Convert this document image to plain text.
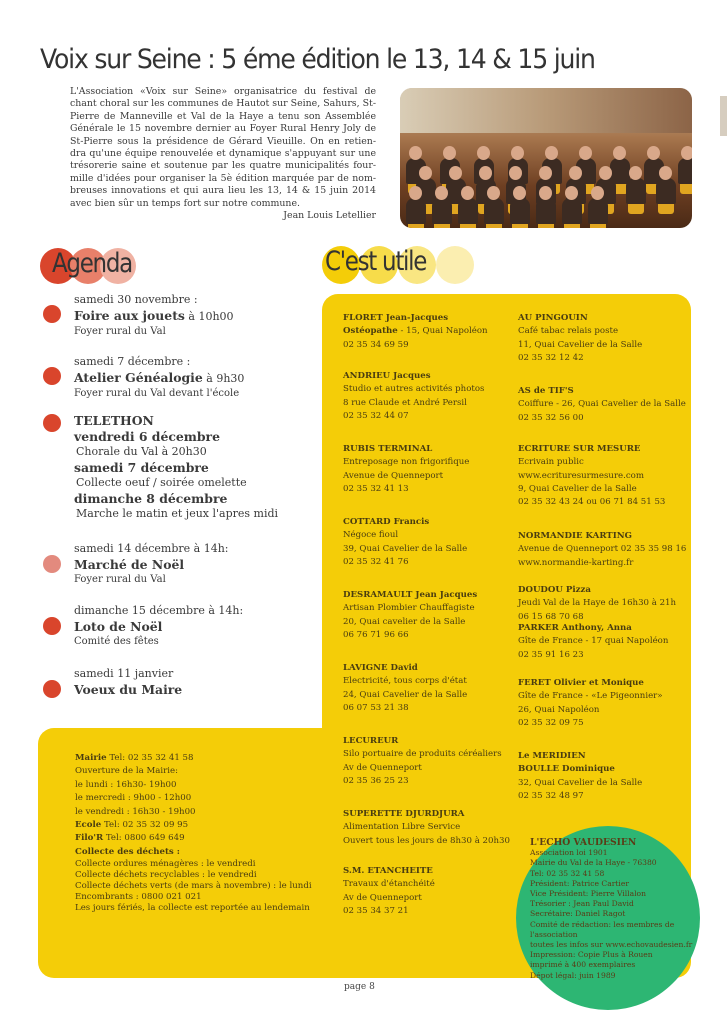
Voix sur Seine : 5 éme édition le 13, 14 & 15 juin

L'Association «Voix sur Seine» organisatrice du festival de chant choral sur les communes de Hautot sur Seine, Sahurs, St-Pierre de Manneville et Val de la Haye a tenu son Assemblée Générale le 15 novembre dernier au Foyer Rural Henry Joly de St-Pierre sous la présidence de Gérard Vieuille. On en retien- dra qu'une équipe renouvelée et dynamique s'appuyant sur une trésorerie saine et soutenue par les quatre municipalités four- mille d'idées pour organiser la 5è édition marquée par de nom- breuses innovations et qui aura lieu les 13, 14 & 15 juin 2014 avec bien sûr un temps fort sur notre commune.

Jean Louis Letellier

Agenda	C'est utile
samedi 30 novembre :
Foire aux jouets à 10h00
Foyer rural du Val
samedi 7 décembre :
Atelier Généalogie à 9h30
Foyer rural du Val devant l'école
TELETHON
vendredi 6 décembre
Chorale du Val à 20h30
samedi 7 décembre
Collecte oeuf / soirée omelette
dimanche 8 décembre
Marche le matin et jeux l'apres midi
samedi 14 décembre à 14h:
Marché de Noël
Foyer rural du Val
dimanche 15 décembre à 14h:
Loto de Noël
Comité des fêtes
samedi 11 janvier
Voeux du Maire
FLORET Jean-Jacques
Ostéopathe - 15, Quai Napoléon
02 35 34 69 59
ANDRIEU Jacques
Studio et autres activités photos
8 rue Claude et André Persil
02 35 32 44 07
RUBIS TERMINAL
Entreposage non frigorifique
Avenue de Quenneport
02 35 32 41 13
COTTARD Francis
Négoce fioul
39, Quai Cavelier de la Salle
02 35 32 41 76
DESRAMAULT Jean Jacques
Artisan Plombier Chauffagiste
20, Quai cavelier de la Salle
06 76 71 96 66
LAVIGNE David
Electricité, tous corps d'état
24, Quai Cavelier de la Salle
06 07 53 21 38
LECUREUR
Silo portuaire de produits céréaliers
Av de Quenneport
02 35 36 25 23
SUPERETTE DJURDJURA
Alimentation Libre Service
Ouvert tous les jours de 8h30 à 20h30
S.M. ETANCHEITE
Travaux d'étanchéité
Av de Quenneport
02 35 34 37 21
AU PINGOUIN
Café tabac relais poste
11, Quai Cavelier de la Salle
02 35 32 12 42
AS de TIF'S
Coiffure - 26, Quai Cavelier de la Salle
02 35 32 56 00
ECRITURE SUR MESURE
Ecrivain public
www.ecrituresurmesure.com
9, Quai Cavelier de la Salle
02 35 32 43 24 ou 06 71 84 51 53
NORMANDIE KARTING
Avenue de Quenneport 02 35 35 98 16
www.normandie-karting.fr
DOUDOU Pizza
Jeudi Val de la Haye de 16h30 à 21h
06 15 68 70 68
PARKER Anthony, Anna
Gîte de France - 17 quai Napoléon
02 35 91 16 23
FERET Olivier et Monique
Gîte de France - «Le Pigeonnier»
26, Quai Napoléon
02 35 32 09 75
Le MERIDIEN
BOULLE Dominique
32, Quai Cavelier de la Salle
02 35 32 48 97
Mairie Tel: 02 35 32 41 58
Ouverture de la Mairie:
le lundi : 16h30- 19h00
le mercredi : 9h00 - 12h00
le vendredi : 16h30 - 19h00
Ecole Tel: 02 35 32 09 95
Filo'R Tel: 0800 649 649
Collecte des déchets :
Collecte ordures ménagères : le vendredi
Collecte déchets recyclables : le vendredi
Collecte déchets verts (de mars à novembre) : le lundi
Encombrants : 0800 021 021
Les jours fériés, la collecte est reportée au lendemain
L'ECHO VAUDESIEN
Association loi 1901
Mairie du Val de la Haye - 76380
Tel: 02 35 32 41 58
Président: Patrice Cartier
Vice Président: Pierre Villalon
Trésorier : Jean Paul David
Secrétaire: Daniel Ragot
Comité de rédaction: les membres de
l'association
toutes les infos sur www.echovaudesien.fr
Impression: Copie Plus à Rouen
imprimé à 400 exemplaires
Dépot légal: juin 1989
page 8
